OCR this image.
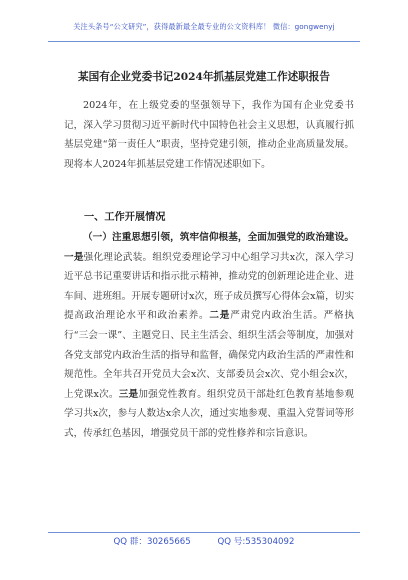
关注头条号“公文研究”，获得最新最全最专业的公文资料库！ 微信：gongwenyj
某国有企业党委书记2024年抓基层党建工作述职报告
2024年，在上级党委的坚强领导下，我作为国有企业党委书记，深入学习贯彻习近平新时代中国特色社会主义思想，认真履行抓基层党建“第一责任人”职责，坚持党建引领，推动企业高质量发展。现将本人2024年抓基层党建工作情况述职如下。
一、工作开展情况
（一）注重思想引领，筑牢信仰根基，全面加强党的政治建设。一是强化理论武装。组织党委理论学习中心组学习共x次，深入学习近平总书记重要讲话和指示批示精神，推动党的创新理论进企业、进车间、进班组。开展专题研讨x次，班子成员撰写心得体会x篇，切实提高政治理论水平和政治素养。二是严肃党内政治生活。严格执行“三会一课”、主题党日、民主生活会、组织生活会等制度，加强对各党支部党内政治生活的指导和监督，确保党内政治生活的严肃性和规范性。全年共召开党员大会x次、支部委员会x次、党小组会x次，上党课x次。三是加强党性教育。组织党员干部赴红色教育基地参观学习共x次，参与人数达x余人次，通过实地参观、重温入党誓词等形式，传承红色基因，增强党员干部的党性修养和宗旨意识。
QQ 群：30265665	QQ 号:535304092
